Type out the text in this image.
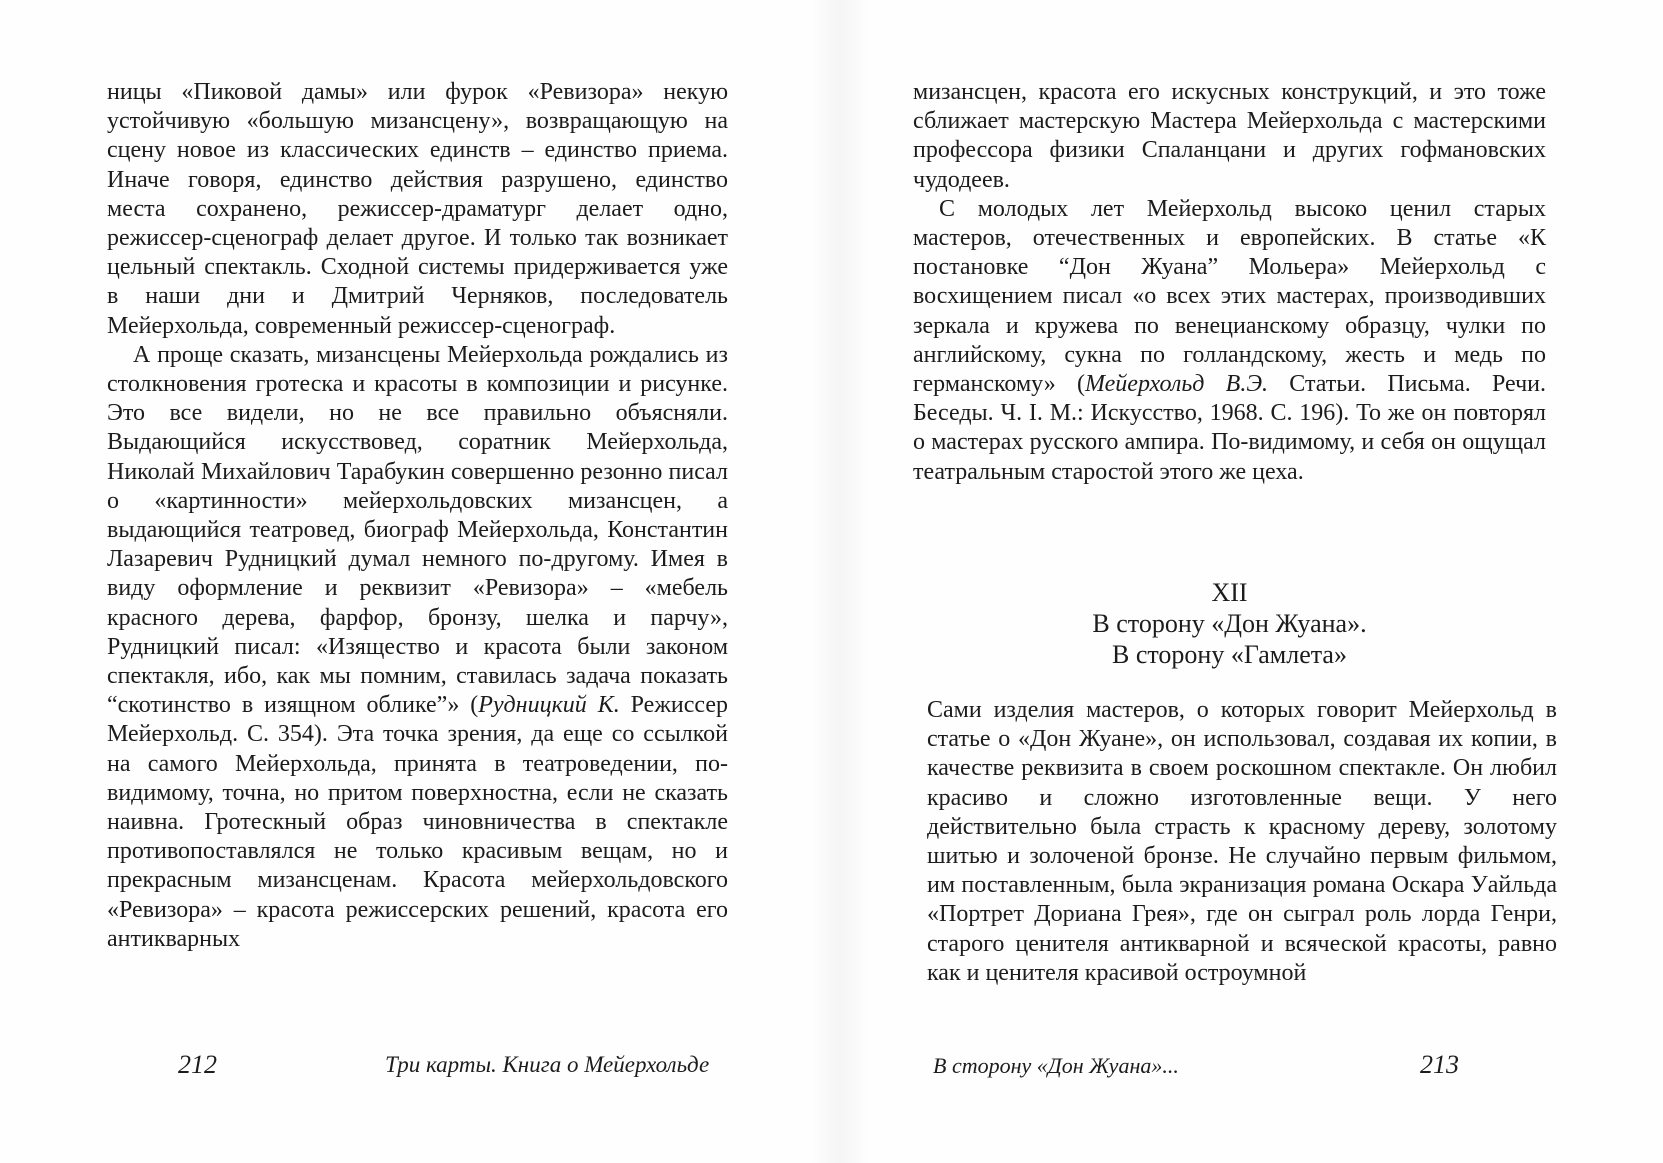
ницы «Пиковой дамы» или фурок «Ревизора» некую устойчивую «большую мизансцену», возвращающую на сцену новое из классических единств – единство приема. Иначе говоря, единство действия разрушено, единство места сохранено, режиссер-драматург делает одно, режиссер-сценограф делает другое. И только так возникает цельный спектакль. Сходной системы придерживается уже в наши дни и Дмитрий Черняков, последователь Мейерхольда, современный режиссер-сценограф.

А проще сказать, мизансцены Мейерхольда рождались из столкновения гротеска и красоты в композиции и рисунке. Это все видели, но не все правильно объясняли. Выдающийся искусствовед, соратник Мейерхольда, Николай Михайлович Тарабукин совершенно резонно писал о «картинности» мейерхольдовских мизансцен, а выдающийся театровед, биограф Мейерхольда, Константин Лазаревич Рудницкий думал немного по-другому. Имея в виду оформление и реквизит «Ревизора» – «мебель красного дерева, фарфор, бронзу, шелка и парчу», Рудницкий писал: «Изящество и красота были законом спектакля, ибо, как мы помним, ставилась задача показать “скотинство в изящном облике”» (Рудницкий К. Режиссер Мейерхольд. С. 354). Эта точка зрения, да еще со ссылкой на самого Мейерхольда, принята в театроведении, по-видимому, точна, но притом поверхностна, если не сказать наивна. Гротескный образ чиновничества в спектакле противопоставлялся не только красивым вещам, но и прекрасным мизансценам. Красота мейерхольдовского «Ревизора» – красота режиссерских решений, красота его антикварных

212	Три карты. Книга о Мейерхольде

мизансцен, красота его искусных конструкций, и это тоже сближает мастерскую Мастера Мейерхольда с мастерскими профессора физики Спаланцани и других гофмановских чудодеев.

С молодых лет Мейерхольд высоко ценил старых мастеров, отечественных и европейских. В статье «К постановке “Дон Жуана” Мольера» Мейерхольд с восхищением писал «о всех этих мастерах, производивших зеркала и кружева по венецианскому образцу, чулки по английскому, сукна по голландскому, жесть и медь по германскому» (Мейерхольд В.Э. Статьи. Письма. Речи. Беседы. Ч. I. М.: Искусство, 1968. С. 196). То же он повторял о мастерах русского ампира. По-видимому, и себя он ощущал театральным старостой этого же цеха.

XII
В сторону «Дон Жуана».
В сторону «Гамлета»

Сами изделия мастеров, о которых говорит Мейерхольд в статье о «Дон Жуане», он использовал, создавая их копии, в качестве реквизита в своем роскошном спектакле. Он любил красиво и сложно изготовленные вещи. У него действительно была страсть к красному дереву, золотому шитью и золоченой бронзе. Не случайно первым фильмом, им поставленным, была экранизация романа Оскара Уайльда «Портрет Дориана Грея», где он сыграл роль лорда Генри, старого ценителя антикварной и всяческой красоты, равно как и ценителя красивой остроумной

В сторону «Дон Жуана»...	213
